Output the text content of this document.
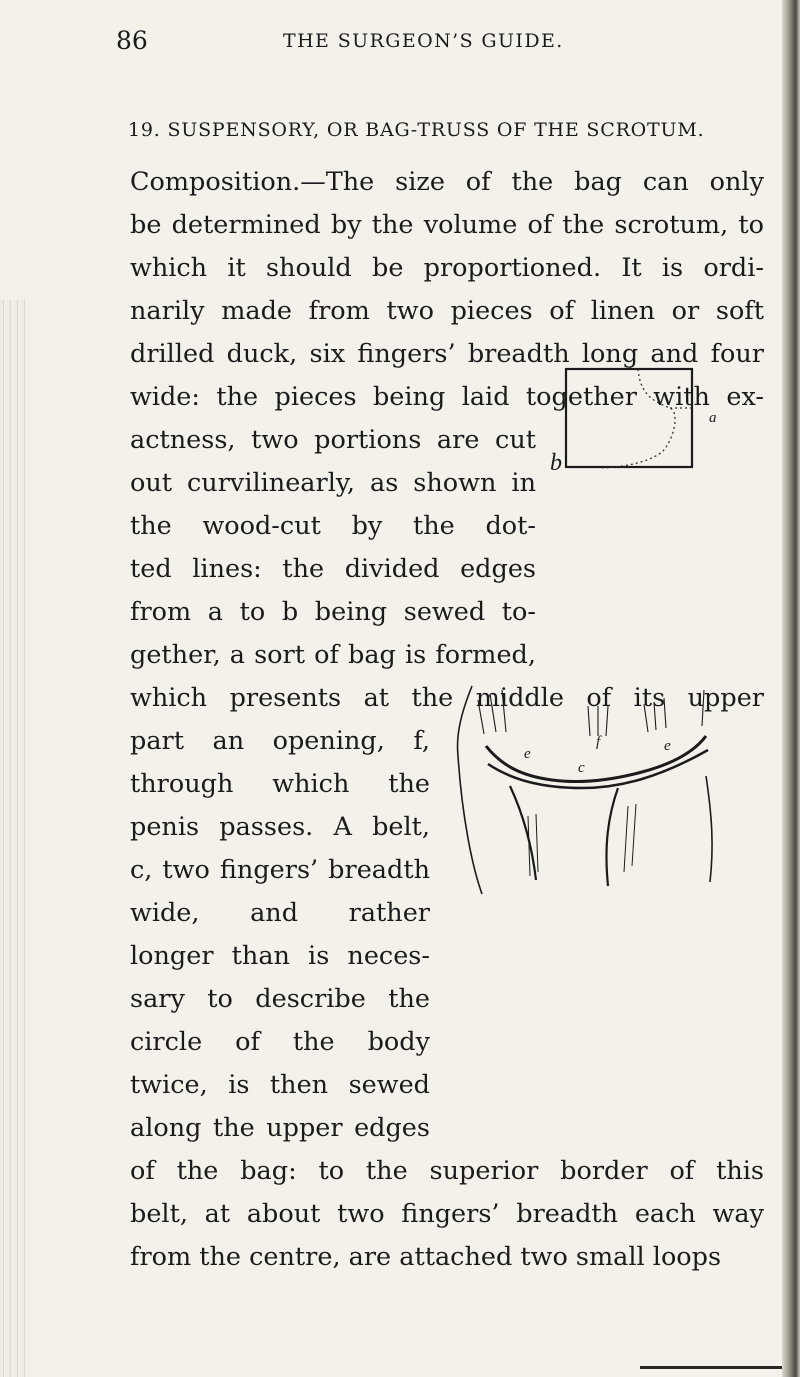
86	THE SURGEON’S GUIDE.
19. SUSPENSORY, OR BAG-TRUSS OF THE SCROTUM.
Composition.—The size of the bag can only
be determined by the volume of the scrotum, to
which it should be proportioned. It is ordi-
narily made from two pieces of linen or soft
drilled duck, six fingers’ breadth long and four
wide: the pieces being laid together with ex-
actness, two portions are cut
out curvilinearly, as shown in
the wood-cut by the dot-
ted lines: the divided edges
from a to b being sewed to-
gether, a sort of bag is formed,
which presents at the middle of its upper
part an opening, f,
through which the
penis passes. A belt,
c, two fingers’ breadth
wide, and rather
longer than is neces-
sary to describe the
circle of the body
twice, is then sewed
along the upper edges
of the bag: to the superior border of this
belt, at about two fingers’ breadth each way
from the centre, are attached two small loops
a
b
e
c
e
f
